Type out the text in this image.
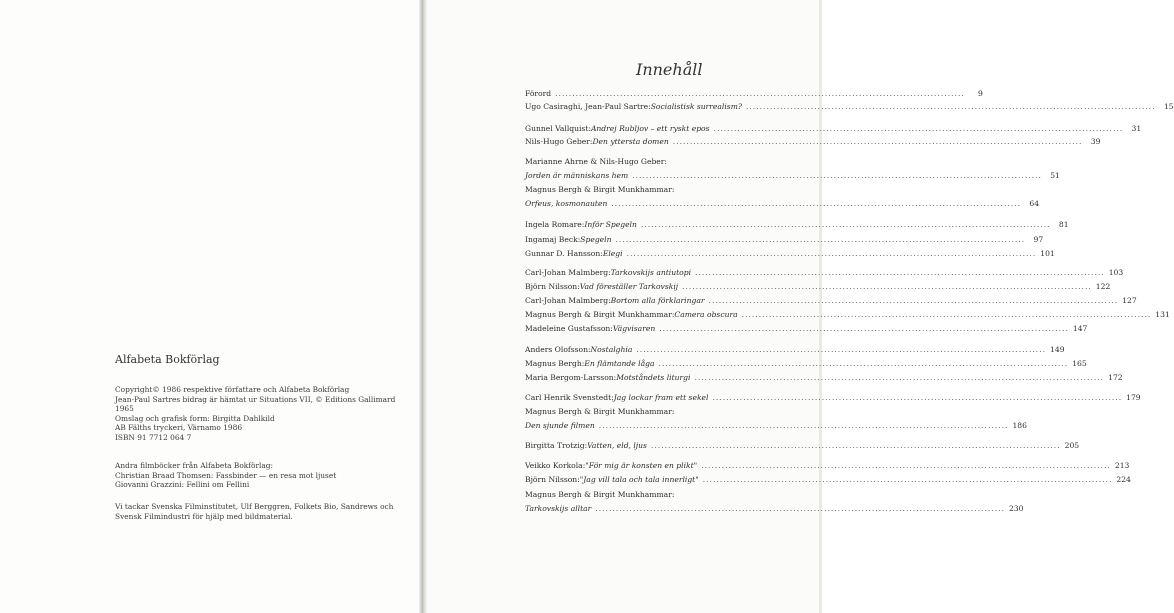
Alfabeta Bokförlag
Copyright© 1986 respektive författare och Alfabeta Bokförlag
Jean-Paul Sartres bidrag är hämtat ur Situations VII, © Editions Gallimard
1965
Omslag och grafisk form: Birgitta Dahlkild
AB Fälths tryckeri, Värnamo 1986
ISBN 91 7712 064 7
Andra filmböcker från Alfabeta Bokförlag:
Christian Braad Thomsen: Fassbinder — en resa mot ljuset
Giovanni Grazzini: Fellini om Fellini
Vi tackar Svenska Filminstitutet, Ulf Berggren, Folkets Bio, Sandrews och
Svensk Filmindustri för hjälp med bildmaterial.
Innehåll
Förord ........................................................................................................................	9
Ugo Casiraghi, Jean-Paul Sartre: Socialistisk surrealism? ........................................................................................................................	15
Gunnel Vallquist: Andrej Rubljov – ett ryskt epos ........................................................................................................................	31
Nils-Hugo Geber: Den yttersta domen ........................................................................................................................	39
Marianne Ahrne & Nils-Hugo Geber:
Jorden är människans hem ........................................................................................................................	51
Magnus Bergh & Birgit Munkhammar:
Orfeus, kosmonauten ........................................................................................................................	64
Ingela Romare: Inför Spegeln ........................................................................................................................	81
Ingamaj Beck: Spegeln ........................................................................................................................	97
Gunnar D. Hansson: Elegi ........................................................................................................................ 101
Carl-Johan Malmberg: Tarkovskijs antiutopi ........................................................................................................................ 103
Björn Nilsson: Vad föreställer Tarkovskij ........................................................................................................................ 122
Carl-Johan Malmberg: Bortom alla förklaringar ........................................................................................................................ 127
Magnus Bergh & Birgit Munkhammar: Camera obscura ........................................................................................................................ 131
Madeleine Gustafsson: Vägvisaren ........................................................................................................................ 147
Anders Olofsson: Nostalghia ........................................................................................................................ 149
Magnus Bergh: En flämtande låga ........................................................................................................................ 165
Maria Bergom-Larsson: Motståndets liturgi ........................................................................................................................ 172
Carl Henrik Svenstedt: Jag lockar fram ett sekel ........................................................................................................................ 179
Magnus Bergh & Birgit Munkhammar:
Den sjunde filmen ........................................................................................................................ 186
Birgitta Trotzig: Vatten, eld, ljus ........................................................................................................................ 205
Veikko Korkola: "För mig är konsten en plikt" ........................................................................................................................ 213
Björn Nilsson: "Jag vill tala och tala innerligt" ........................................................................................................................ 224
Magnus Bergh & Birgit Munkhammar:
Tarkovskijs alltar ........................................................................................................................ 230
